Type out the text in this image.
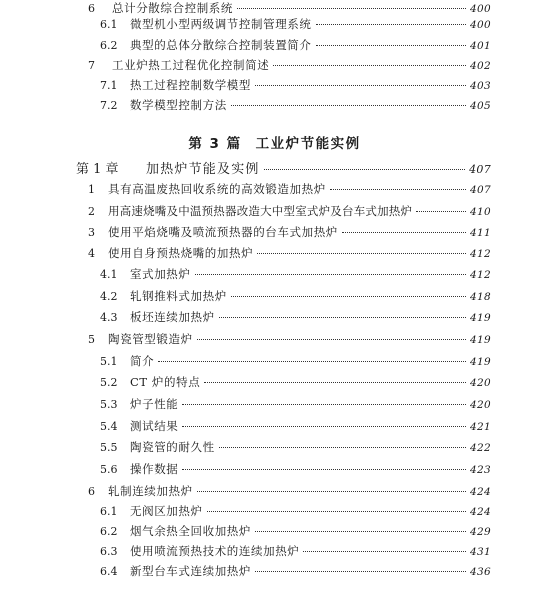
6	总计分散综合控制系统	400
6.1	微型机小型两级调节控制管理系统	400
6.2	典型的总体分散综合控制装置简介	401
7	工业炉热工过程优化控制简述	402
7.1	热工过程控制数学模型	403
7.2	数学模型控制方法	405
第 3 篇 工业炉节能实例
第 1 章	加热炉节能及实例	407
1	具有高温废热回收系统的高效锻造加热炉	407
2	用高速烧嘴及中温预热器改造大中型室式炉及台车式加热炉	410
3	使用平焰烧嘴及喷流预热器的台车式加热炉	411
4	使用自身预热烧嘴的加热炉	412
4.1	室式加热炉	412
4.2	轧钢推料式加热炉	418
4.3	板坯连续加热炉	419
5	陶瓷管型锻造炉	419
5.1	简介	419
5.2	CT 炉的特点	420
5.3	炉子性能	420
5.4	测试结果	421
5.5	陶瓷管的耐久性	422
5.6	操作数据	423
6	轧制连续加热炉	424
6.1	无阀区加热炉	424
6.2	烟气余热全回收加热炉	429
6.3	使用喷流预热技术的连续加热炉	431
6.4	新型台车式连续加热炉	436
